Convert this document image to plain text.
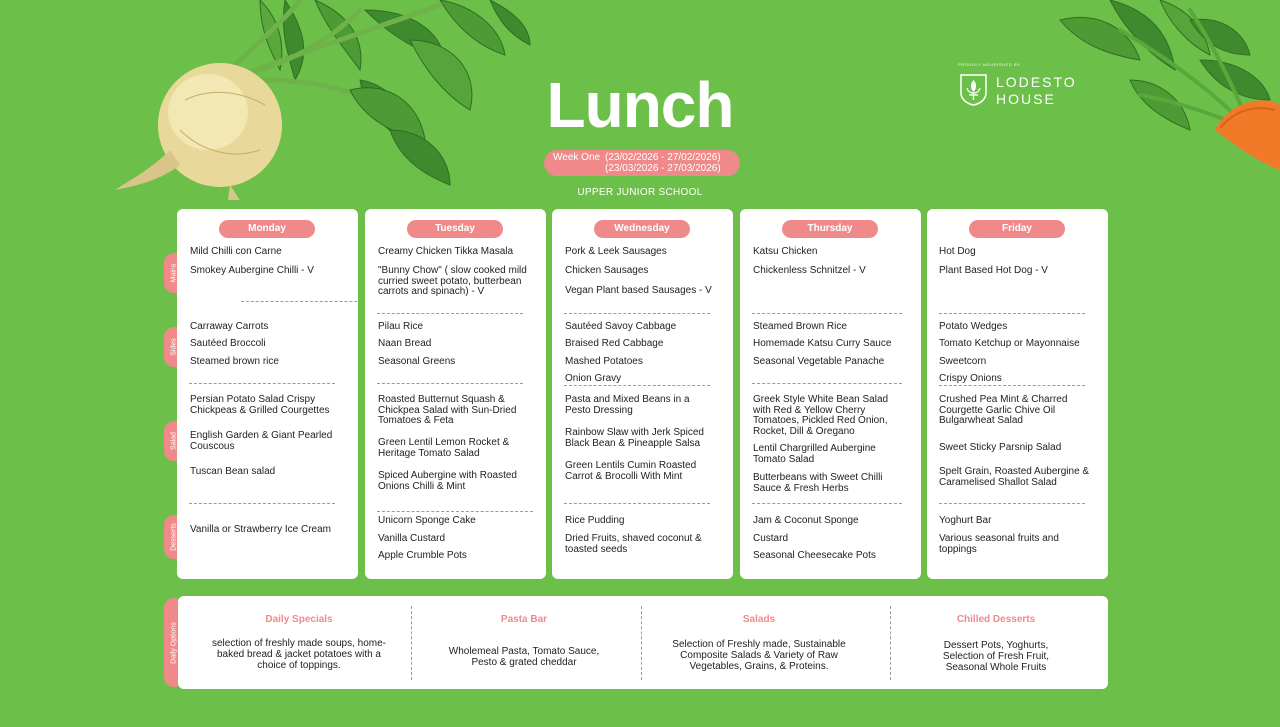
Lunch
Week One (23/02/2026 - 27/02/2026)
(23/03/2026 - 27/03/2026)
UPPER JUNIOR SCHOOL
PROUDLY NOURISHED BY
LODESTO
HOUSE
Mains
Sides
Salad
Desserts
Monday
Mild Chilli con Carne
Smokey Aubergine Chilli - V
Carraway Carrots
Sautéed Broccoli
Steamed brown rice
Persian Potato Salad Crispy Chickpeas & Grilled Courgettes
English Garden & Giant Pearled Couscous
Tuscan Bean salad
Vanilla or Strawberry Ice Cream
Tuesday
Creamy Chicken Tikka Masala
"Bunny Chow" ( slow cooked mild curried sweet potato, butterbean carrots and spinach) - V
Pilau Rice
Naan Bread
Seasonal Greens
Roasted Butternut Squash & Chickpea Salad with Sun-Dried Tomatoes & Feta
Green Lentil Lemon Rocket & Heritage Tomato Salad
Spiced Aubergine with Roasted Onions Chilli & Mint
Unicorn Sponge Cake
Vanilla Custard
Apple Crumble Pots
Wednesday
Pork & Leek Sausages
Chicken Sausages
Vegan Plant based Sausages - V
Sautéed Savoy Cabbage
Braised Red Cabbage
Mashed Potatoes
Onion Gravy
Pasta and Mixed Beans in a Pesto Dressing
Rainbow Slaw with Jerk Spiced Black Bean & Pineapple Salsa
Green Lentils Cumin Roasted Carrot & Brocolli With Mint
Rice Pudding
Dried Fruits, shaved coconut & toasted seeds
Thursday
Katsu Chicken
Chickenless Schnitzel - V
Steamed Brown Rice
Homemade Katsu Curry Sauce
Seasonal Vegetable Panache
Greek Style White Bean Salad with Red & Yellow Cherry Tomatoes, Pickled Red Onion, Rocket, Dill & Oregano
Lentil Chargrilled Aubergine Tomato Salad
Butterbeans with Sweet Chilli Sauce & Fresh Herbs
Jam & Coconut Sponge
Custard
Seasonal Cheesecake Pots
Friday
Hot Dog
Plant Based Hot Dog - V
Potato Wedges
Tomato Ketchup or Mayonnaise
Sweetcorn
Crispy Onions
Crushed Pea Mint & Charred Courgette Garlic Chive Oil Bulgarwheat Salad
Sweet Sticky Parsnip Salad
Spelt Grain, Roasted Aubergine & Caramelised Shallot Salad
Yoghurt Bar
Various seasonal fruits and toppings
Daily Options
Daily Specials

selection of freshly made soups, home-baked bread & jacket potatoes with a choice of toppings.

Pasta Bar

Wholemeal Pasta, Tomato Sauce, Pesto & grated cheddar

Salads

Selection of Freshly made, Sustainable Composite Salads & Variety of Raw Vegetables, Grains, & Proteins.

Chilled Desserts

Dessert Pots, Yoghurts, Selection of Fresh Fruit, Seasonal Whole Fruits
